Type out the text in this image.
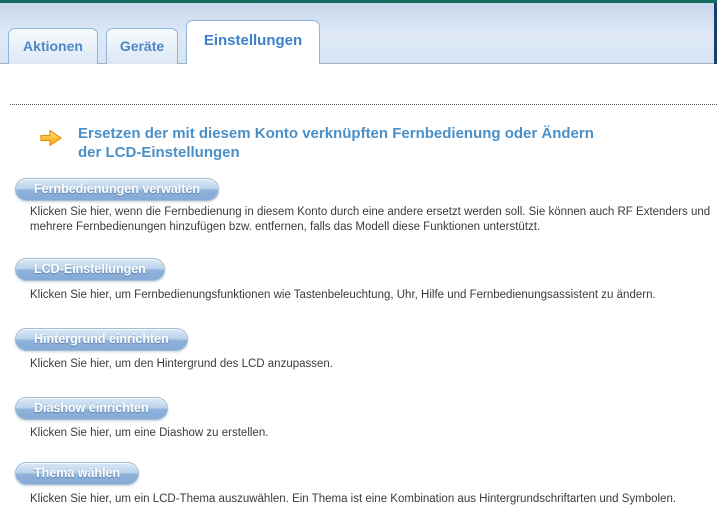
Aktionen	Geräte	Einstellungen
Ersetzen der mit diesem Konto verknüpften Fernbedienung oder Ändern der LCD-Einstellungen
Fernbedienungen verwalten
Klicken Sie hier, wenn die Fernbedienung in diesem Konto durch eine andere ersetzt werden soll. Sie können auch RF Extenders und mehrere Fernbedienungen hinzufügen bzw. entfernen, falls das Modell diese Funktionen unterstützt.
LCD-Einstellungen
Klicken Sie hier, um Fernbedienungsfunktionen wie Tastenbeleuchtung, Uhr, Hilfe und Fernbedienungsassistent zu ändern.
Hintergrund einrichten
Klicken Sie hier, um den Hintergrund des LCD anzupassen.
Diashow einrichten
Klicken Sie hier, um eine Diashow zu erstellen.
Thema wählen
Klicken Sie hier, um ein LCD-Thema auszuwählen. Ein Thema ist eine Kombination aus Hintergrundschriftarten und Symbolen.
